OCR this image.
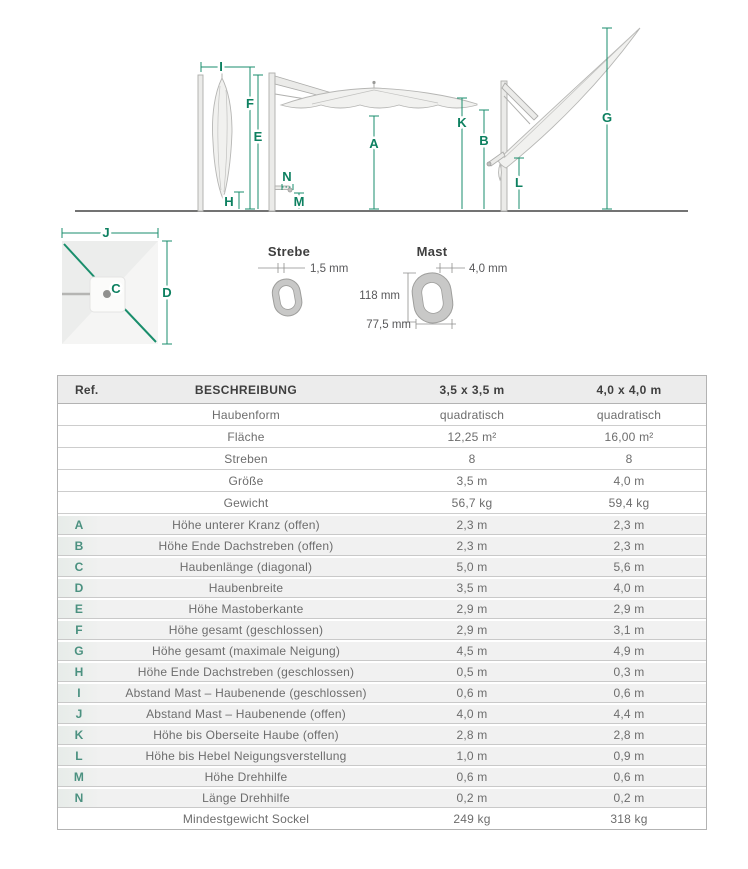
I
F
H
E	A
K
B
N
M
G
L
J
D
C
Strebe
1,5 mm
Mast
4,0 mm
118 mm
77,5 mm
Ref.	BESCHREIBUNG	3,5 x 3,5 m	4,0 x 4,0 m
	Haubenform	quadratisch	quadratisch
	Fläche	12,25 m²	16,00 m²
	Streben	8	8
	Größe	3,5 m	4,0 m
	Gewicht	56,7 kg	59,4 kg
A	Höhe unterer Kranz (offen)	2,3 m	2,3 m
B	Höhe Ende Dachstreben (offen)	2,3 m	2,3 m
C	Haubenlänge (diagonal)	5,0 m	5,6 m
D	Haubenbreite	3,5 m	4,0 m
E	Höhe Mastoberkante	2,9 m	2,9 m
F	Höhe gesamt (geschlossen)	2,9 m	3,1 m
G	Höhe gesamt (maximale Neigung)	4,5 m	4,9 m
H	Höhe Ende Dachstreben (geschlossen)	0,5 m	0,3 m
I	Abstand Mast – Haubenende (geschlossen)	0,6 m	0,6 m
J	Abstand Mast – Haubenende (offen)	4,0 m	4,4 m
K	Höhe bis Oberseite Haube (offen)	2,8 m	2,8 m
L	Höhe bis Hebel Neigungsverstellung	1,0 m	0,9 m
M	Höhe Drehhilfe	0,6 m	0,6 m
N	Länge Drehhilfe	0,2 m	0,2 m
	Mindestgewicht Sockel	249 kg	318 kg
